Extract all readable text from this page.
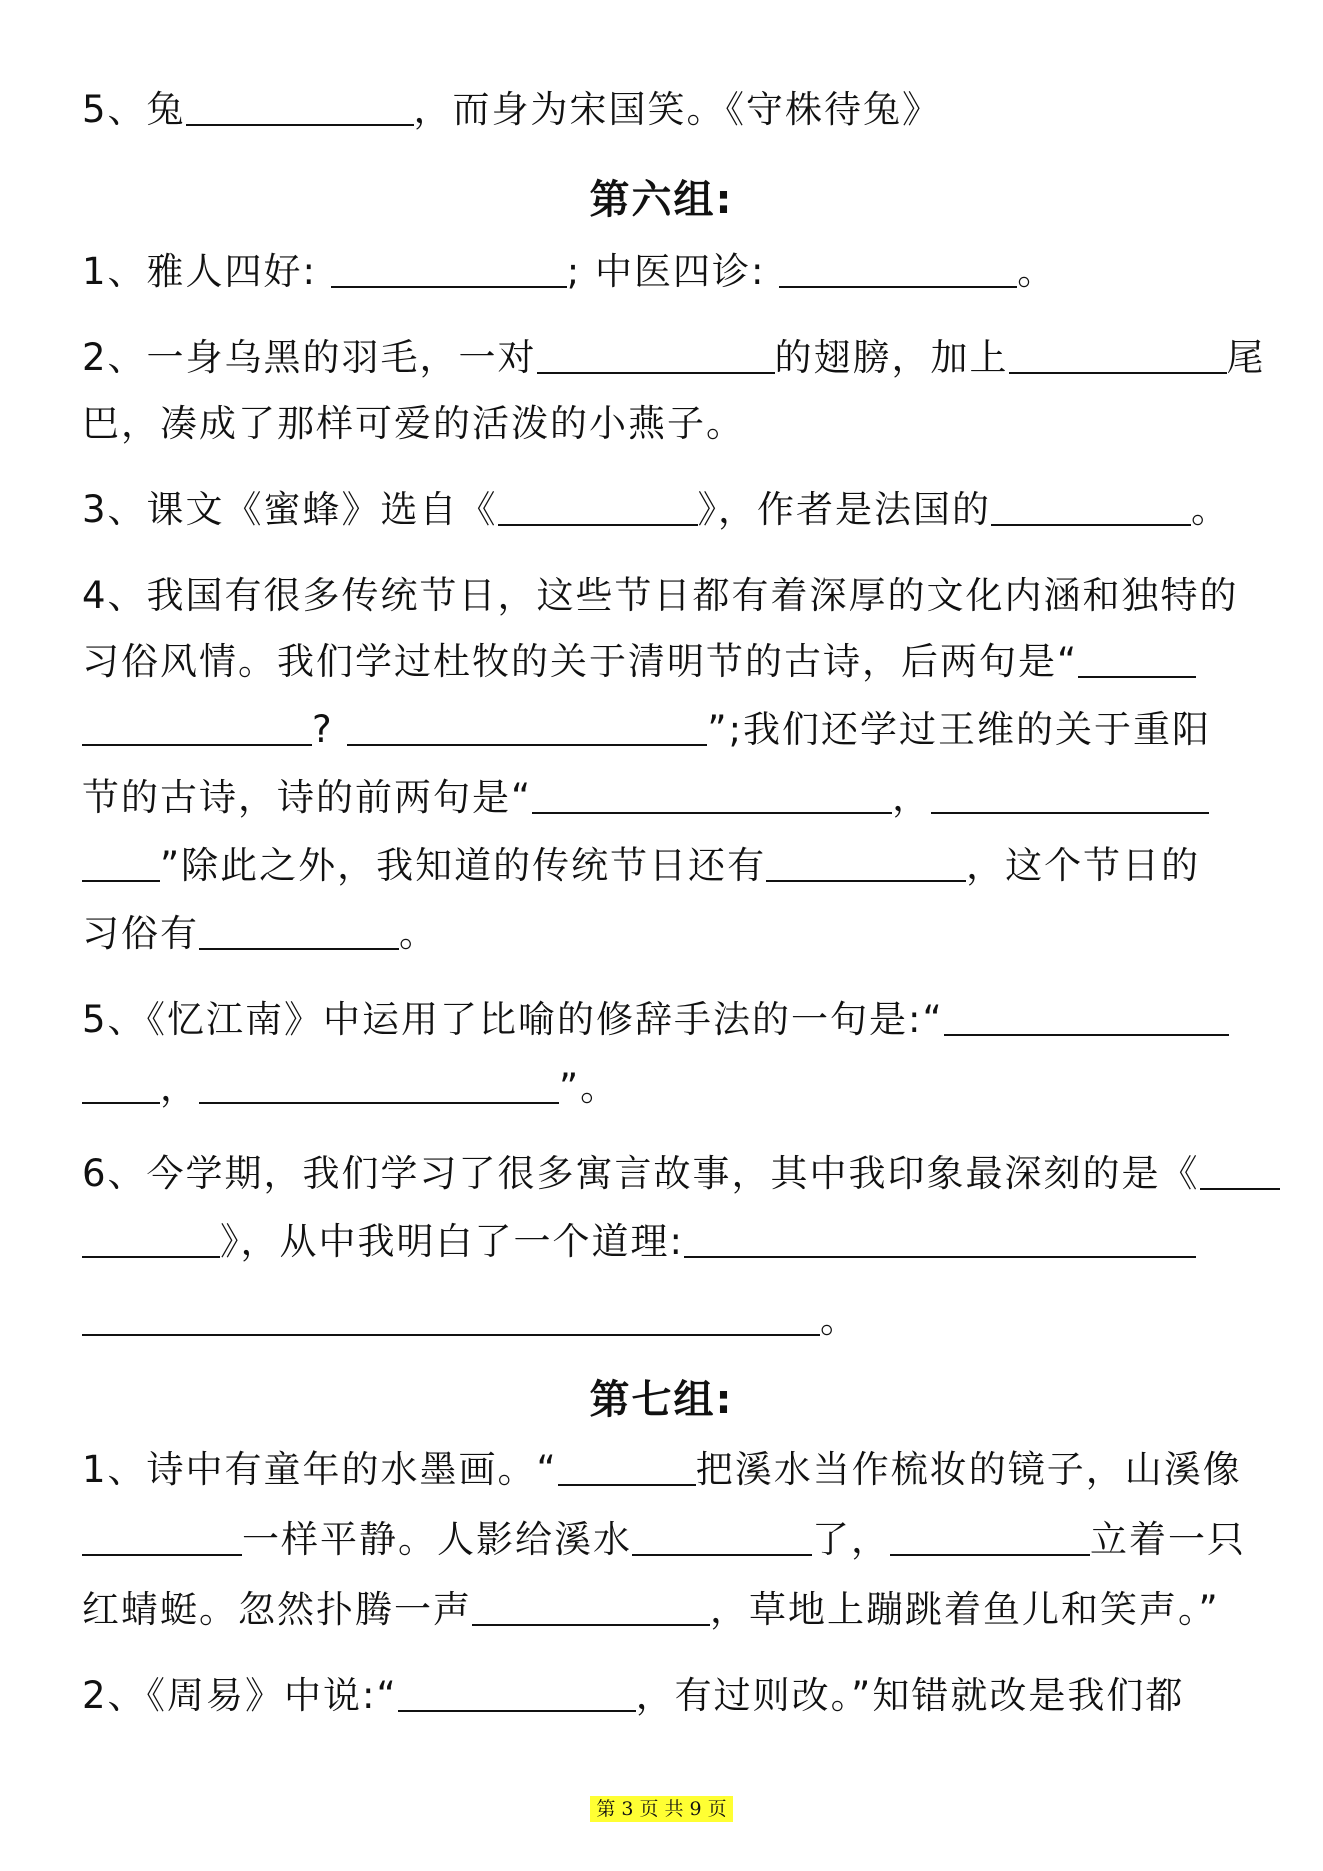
5、兔	，而身为宋国笑。《守株待兔》
第六组:
1、雅人四好:	; 中医四诊:	。
2、一身乌黑的羽毛，一对	的翅膀，加上	尾
巴，凑成了那样可爱的活泼的小燕子。
3、课文《蜜蜂》选自《	》，作者是法国的	。
4、我国有很多传统节日，这些节日都有着深厚的文化内涵和独特的
习俗风情。我们学过杜牧的关于清明节的古诗，后两句是“
?	”;我们还学过王维的关于重阳
节的古诗，诗的前两句是“	，
”除此之外，我知道的传统节日还有	，这个节日的
习俗有	。
5、《忆江南》中运用了比喻的修辞手法的一句是:“
，	”。
6、今学期，我们学习了很多寓言故事，其中我印象最深刻的是《
》，从中我明白了一个道理:
。
第七组:
1、诗中有童年的水墨画。“	把溪水当作梳妆的镜子，山溪像
一样平静。人影给溪水	了，	立着一只
红蜻蜓。忽然扑腾一声	，草地上蹦跳着鱼儿和笑声。”
2、《周易》中说:“	，有过则改。”知错就改是我们都
第 3 页 共 9 页
